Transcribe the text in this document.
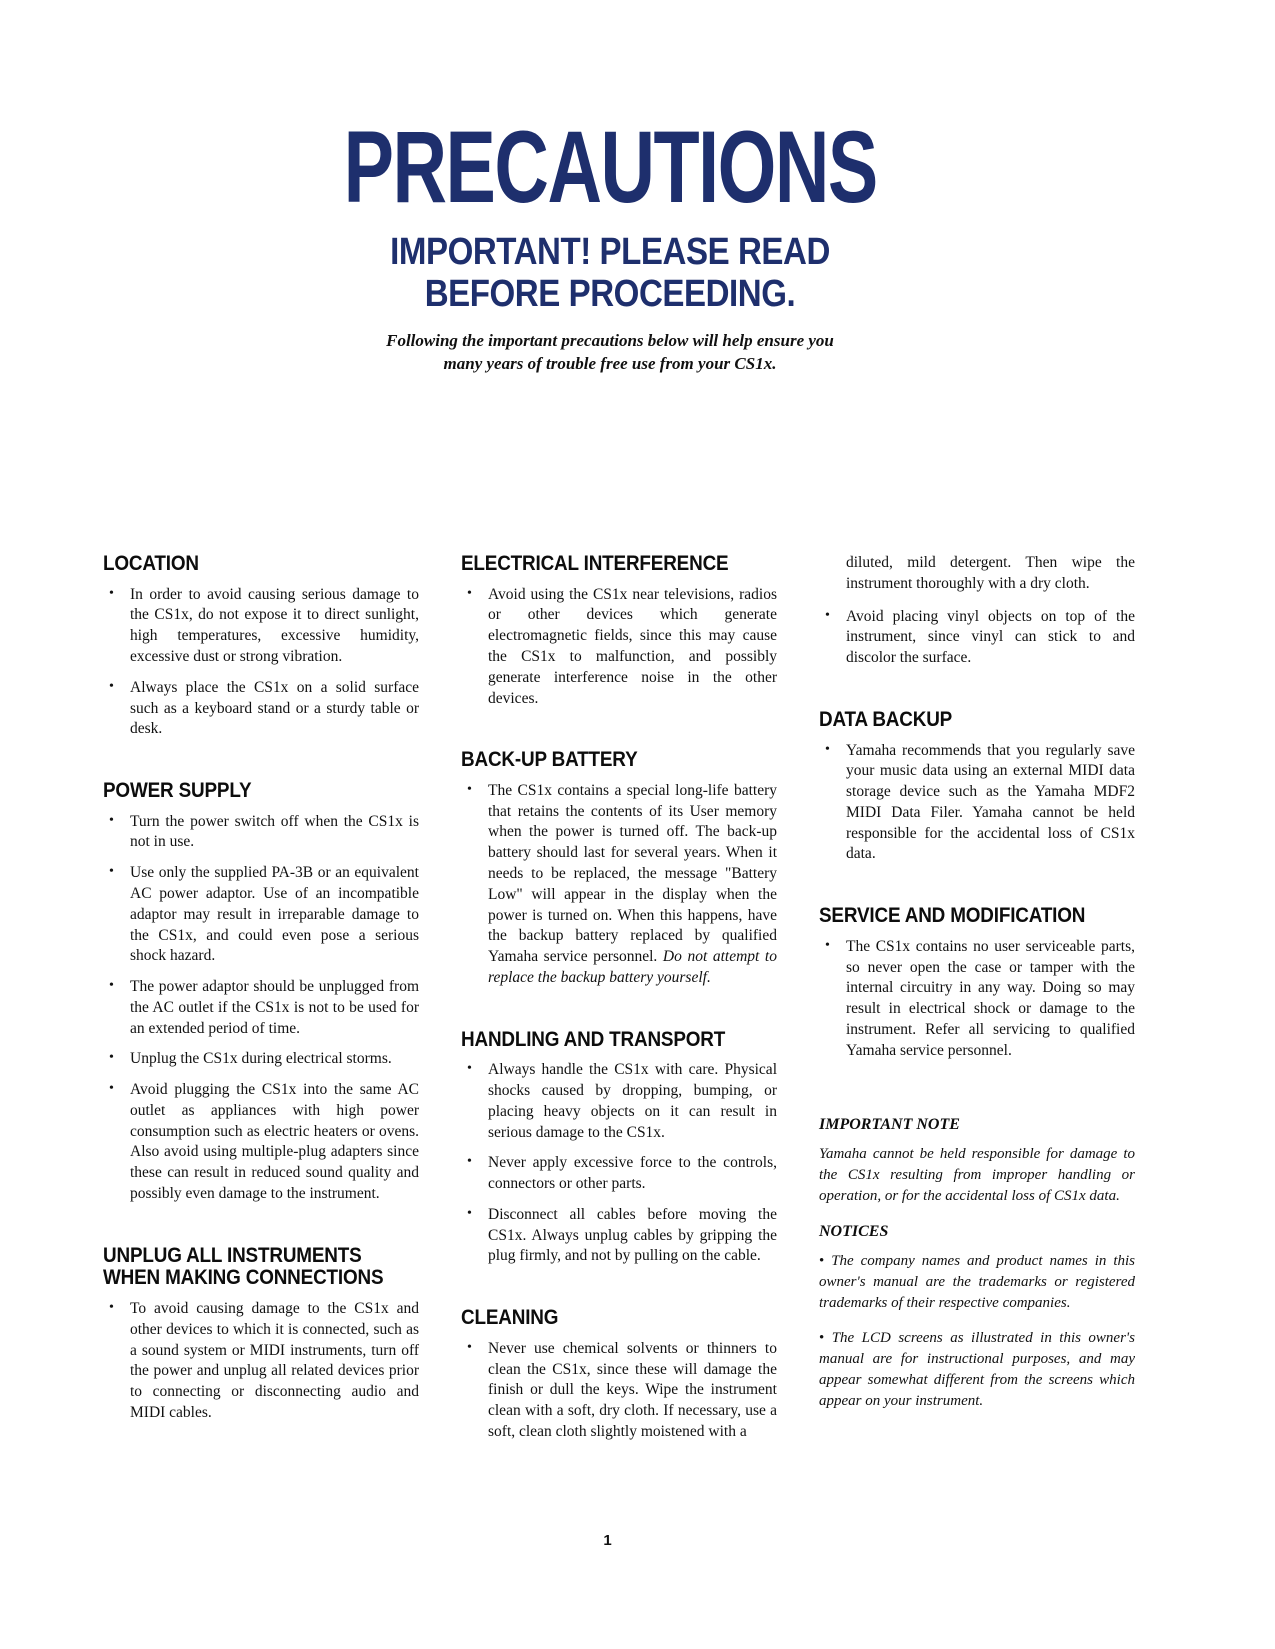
PRECAUTIONS
IMPORTANT! PLEASE READ
BEFORE PROCEEDING.
Following the important precautions below will help ensure you
many years of trouble free use from your CS1x.
LOCATION
• In order to avoid causing serious damage to the CS1x, do not expose it to direct sunlight, high temperatures, excessive humidity, excessive dust or strong vibration.
• Always place the CS1x on a solid surface such as a keyboard stand or a sturdy table or desk.
POWER SUPPLY
• Turn the power switch off when the CS1x is not in use.
• Use only the supplied PA-3B or an equivalent AC power adaptor. Use of an incompatible adaptor may result in irreparable damage to the CS1x, and could even pose a serious shock hazard.
• The power adaptor should be unplugged from the AC outlet if the CS1x is not to be used for an extended period of time.
• Unplug the CS1x during electrical storms.
• Avoid plugging the CS1x into the same AC outlet as appliances with high power consumption such as electric heaters or ovens. Also avoid using multiple-plug adapters since these can result in reduced sound quality and possibly even damage to the instrument.
UNPLUG ALL INSTRUMENTS WHEN MAKING CONNECTIONS
• To avoid causing damage to the CS1x and other devices to which it is connected, such as a sound system or MIDI instruments, turn off the power and unplug all related devices prior to connecting or disconnecting audio and MIDI cables.
ELECTRICAL INTERFERENCE
• Avoid using the CS1x near televisions, radios or other devices which generate electromagnetic fields, since this may cause the CS1x to malfunction, and possibly generate interference noise in the other devices.
BACK-UP BATTERY
• The CS1x contains a special long-life battery that retains the contents of its User memory when the power is turned off. The back-up battery should last for several years. When it needs to be replaced, the message "Battery Low" will appear in the display when the power is turned on. When this happens, have the backup battery replaced by qualified Yamaha service personnel. Do not attempt to replace the backup battery yourself.
HANDLING AND TRANSPORT
• Always handle the CS1x with care. Physical shocks caused by dropping, bumping, or placing heavy objects on it can result in serious damage to the CS1x.
• Never apply excessive force to the controls, connectors or other parts.
• Disconnect all cables before moving the CS1x. Always unplug cables by gripping the plug firmly, and not by pulling on the cable.
CLEANING
• Never use chemical solvents or thinners to clean the CS1x, since these will damage the finish or dull the keys. Wipe the instrument clean with a soft, dry cloth. If necessary, use a soft, clean cloth slightly moistened with a
diluted, mild detergent. Then wipe the instrument thoroughly with a dry cloth.
• Avoid placing vinyl objects on top of the instrument, since vinyl can stick to and discolor the surface.
DATA BACKUP
• Yamaha recommends that you regularly save your music data using an external MIDI data storage device such as the Yamaha MDF2 MIDI Data Filer. Yamaha cannot be held responsible for the accidental loss of CS1x data.
SERVICE AND MODIFICATION
• The CS1x contains no user serviceable parts, so never open the case or tamper with the internal circuitry in any way. Doing so may result in electrical shock or damage to the instrument. Refer all servicing to qualified Yamaha service personnel.
IMPORTANT NOTE
Yamaha cannot be held responsible for damage to the CS1x resulting from improper handling or operation, or for the accidental loss of CS1x data.
NOTICES
• The company names and product names in this owner's manual are the trademarks or registered trademarks of their respective companies.
• The LCD screens as illustrated in this owner's manual are for instructional purposes, and may appear somewhat different from the screens which appear on your instrument.
1
